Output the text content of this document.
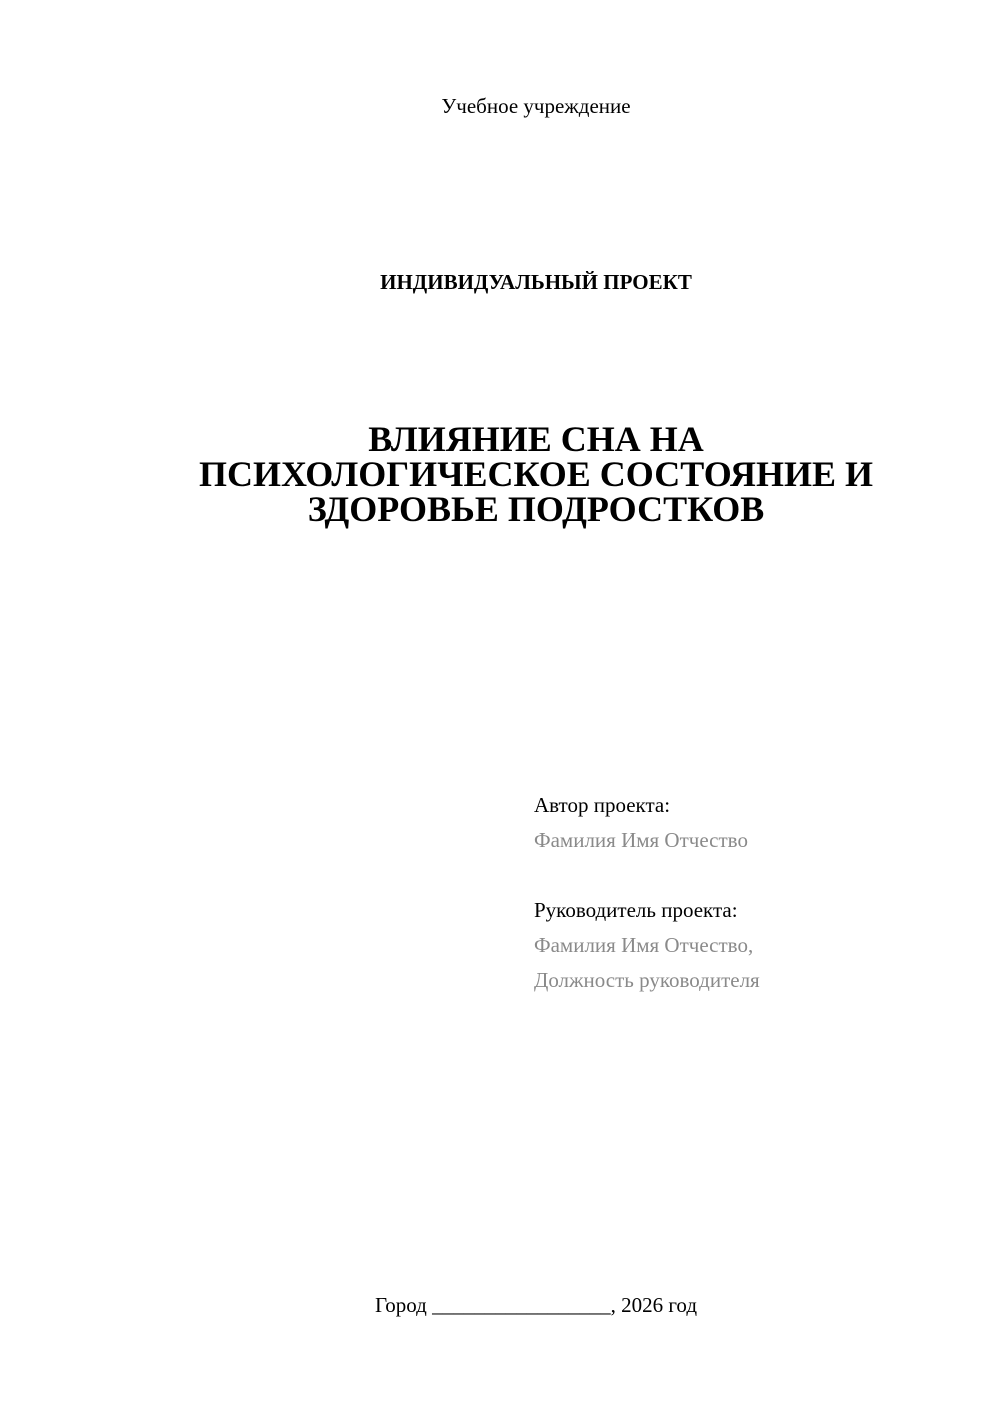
Учебное учреждение
ИНДИВИДУАЛЬНЫЙ ПРОЕКТ
ВЛИЯНИЕ СНА НА
ПСИХОЛОГИЧЕСКОЕ СОСТОЯНИЕ И
ЗДОРОВЬЕ ПОДРОСТКОВ
Автор проекта:
Фамилия Имя Отчество
Руководитель проекта:
Фамилия Имя Отчество,
Должность руководителя
Город _________________, 2026 год
